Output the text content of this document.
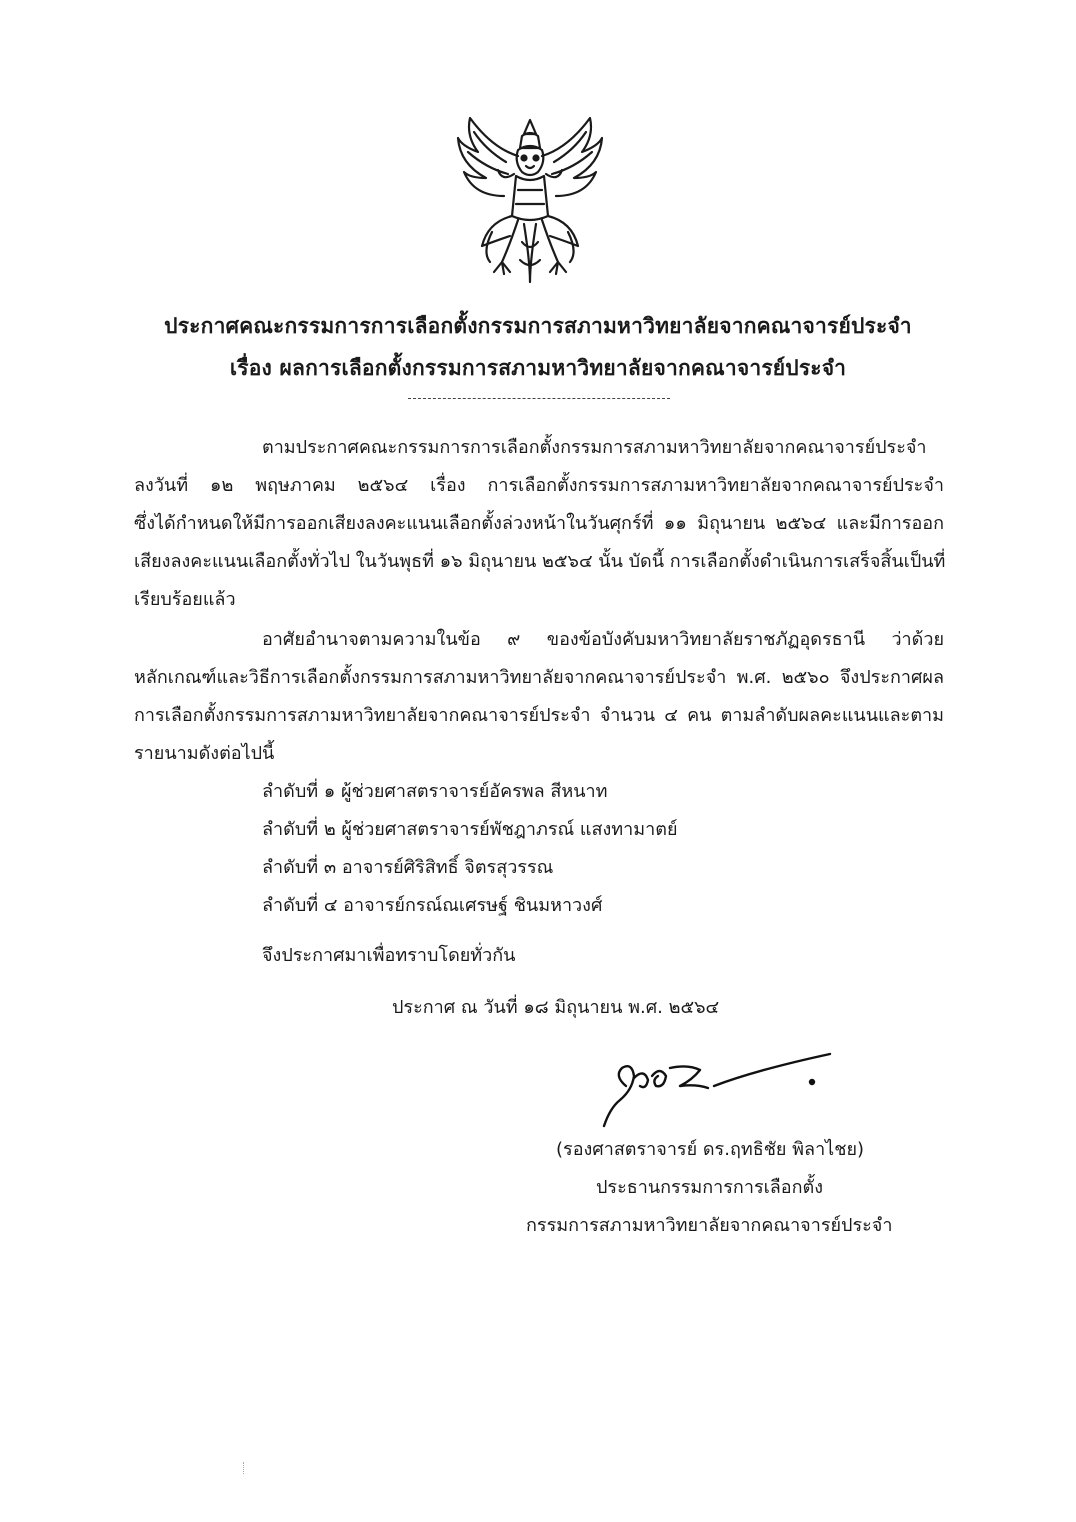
ประกาศคณะกรรมการการเลือกตั้งกรรมการสภามหาวิทยาลัยจากคณาจารย์ประจำ
เรื่อง ผลการเลือกตั้งกรรมการสภามหาวิทยาลัยจากคณาจารย์ประจำ
ตามประกาศคณะกรรมการการเลือกตั้งกรรมการสภามหาวิทยาลัยจากคณาจารย์ประจำ
ลงวันที่ ๑๒ พฤษภาคม ๒๕๖๔ เรื่อง การเลือกตั้งกรรมการสภามหาวิทยาลัยจากคณาจารย์ประจำ
ซึ่งได้กำหนดให้มีการออกเสียงลงคะแนนเลือกตั้งล่วงหน้าในวันศุกร์ที่ ๑๑ มิถุนายน ๒๕๖๔ และมีการออก
เสียงลงคะแนนเลือกตั้งทั่วไป ในวันพุธที่ ๑๖ มิถุนายน ๒๕๖๔ นั้น บัดนี้ การเลือกตั้งดำเนินการเสร็จสิ้นเป็นที่
เรียบร้อยแล้ว
อาศัยอำนาจตามความในข้อ ๙ ของข้อบังคับมหาวิทยาลัยราชภัฏอุดรธานี ว่าด้วย
หลักเกณฑ์และวิธีการเลือกตั้งกรรมการสภามหาวิทยาลัยจากคณาจารย์ประจำ พ.ศ. ๒๕๖๐ จึงประกาศผล
การเลือกตั้งกรรมการสภามหาวิทยาลัยจากคณาจารย์ประจำ จำนวน ๔ คน ตามลำดับผลคะแนนและตาม
รายนามดังต่อไปนี้
ลำดับที่ ๑ ผู้ช่วยศาสตราจารย์อัครพล สีหนาท
ลำดับที่ ๒ ผู้ช่วยศาสตราจารย์พัชฎาภรณ์ แสงทามาตย์
ลำดับที่ ๓ อาจารย์ศิริสิทธิ์ จิตรสุวรรณ
ลำดับที่ ๔ อาจารย์กรณ์ณเศรษฐ์ ชินมหาวงศ์
จึงประกาศมาเพื่อทราบโดยทั่วกัน
ประกาศ ณ วันที่ ๑๘ มิถุนายน พ.ศ. ๒๕๖๔
(รองศาสตราจารย์ ดร.ฤทธิชัย พิลาไชย)
ประธานกรรมการการเลือกตั้ง
กรรมการสภามหาวิทยาลัยจากคณาจารย์ประจำ
